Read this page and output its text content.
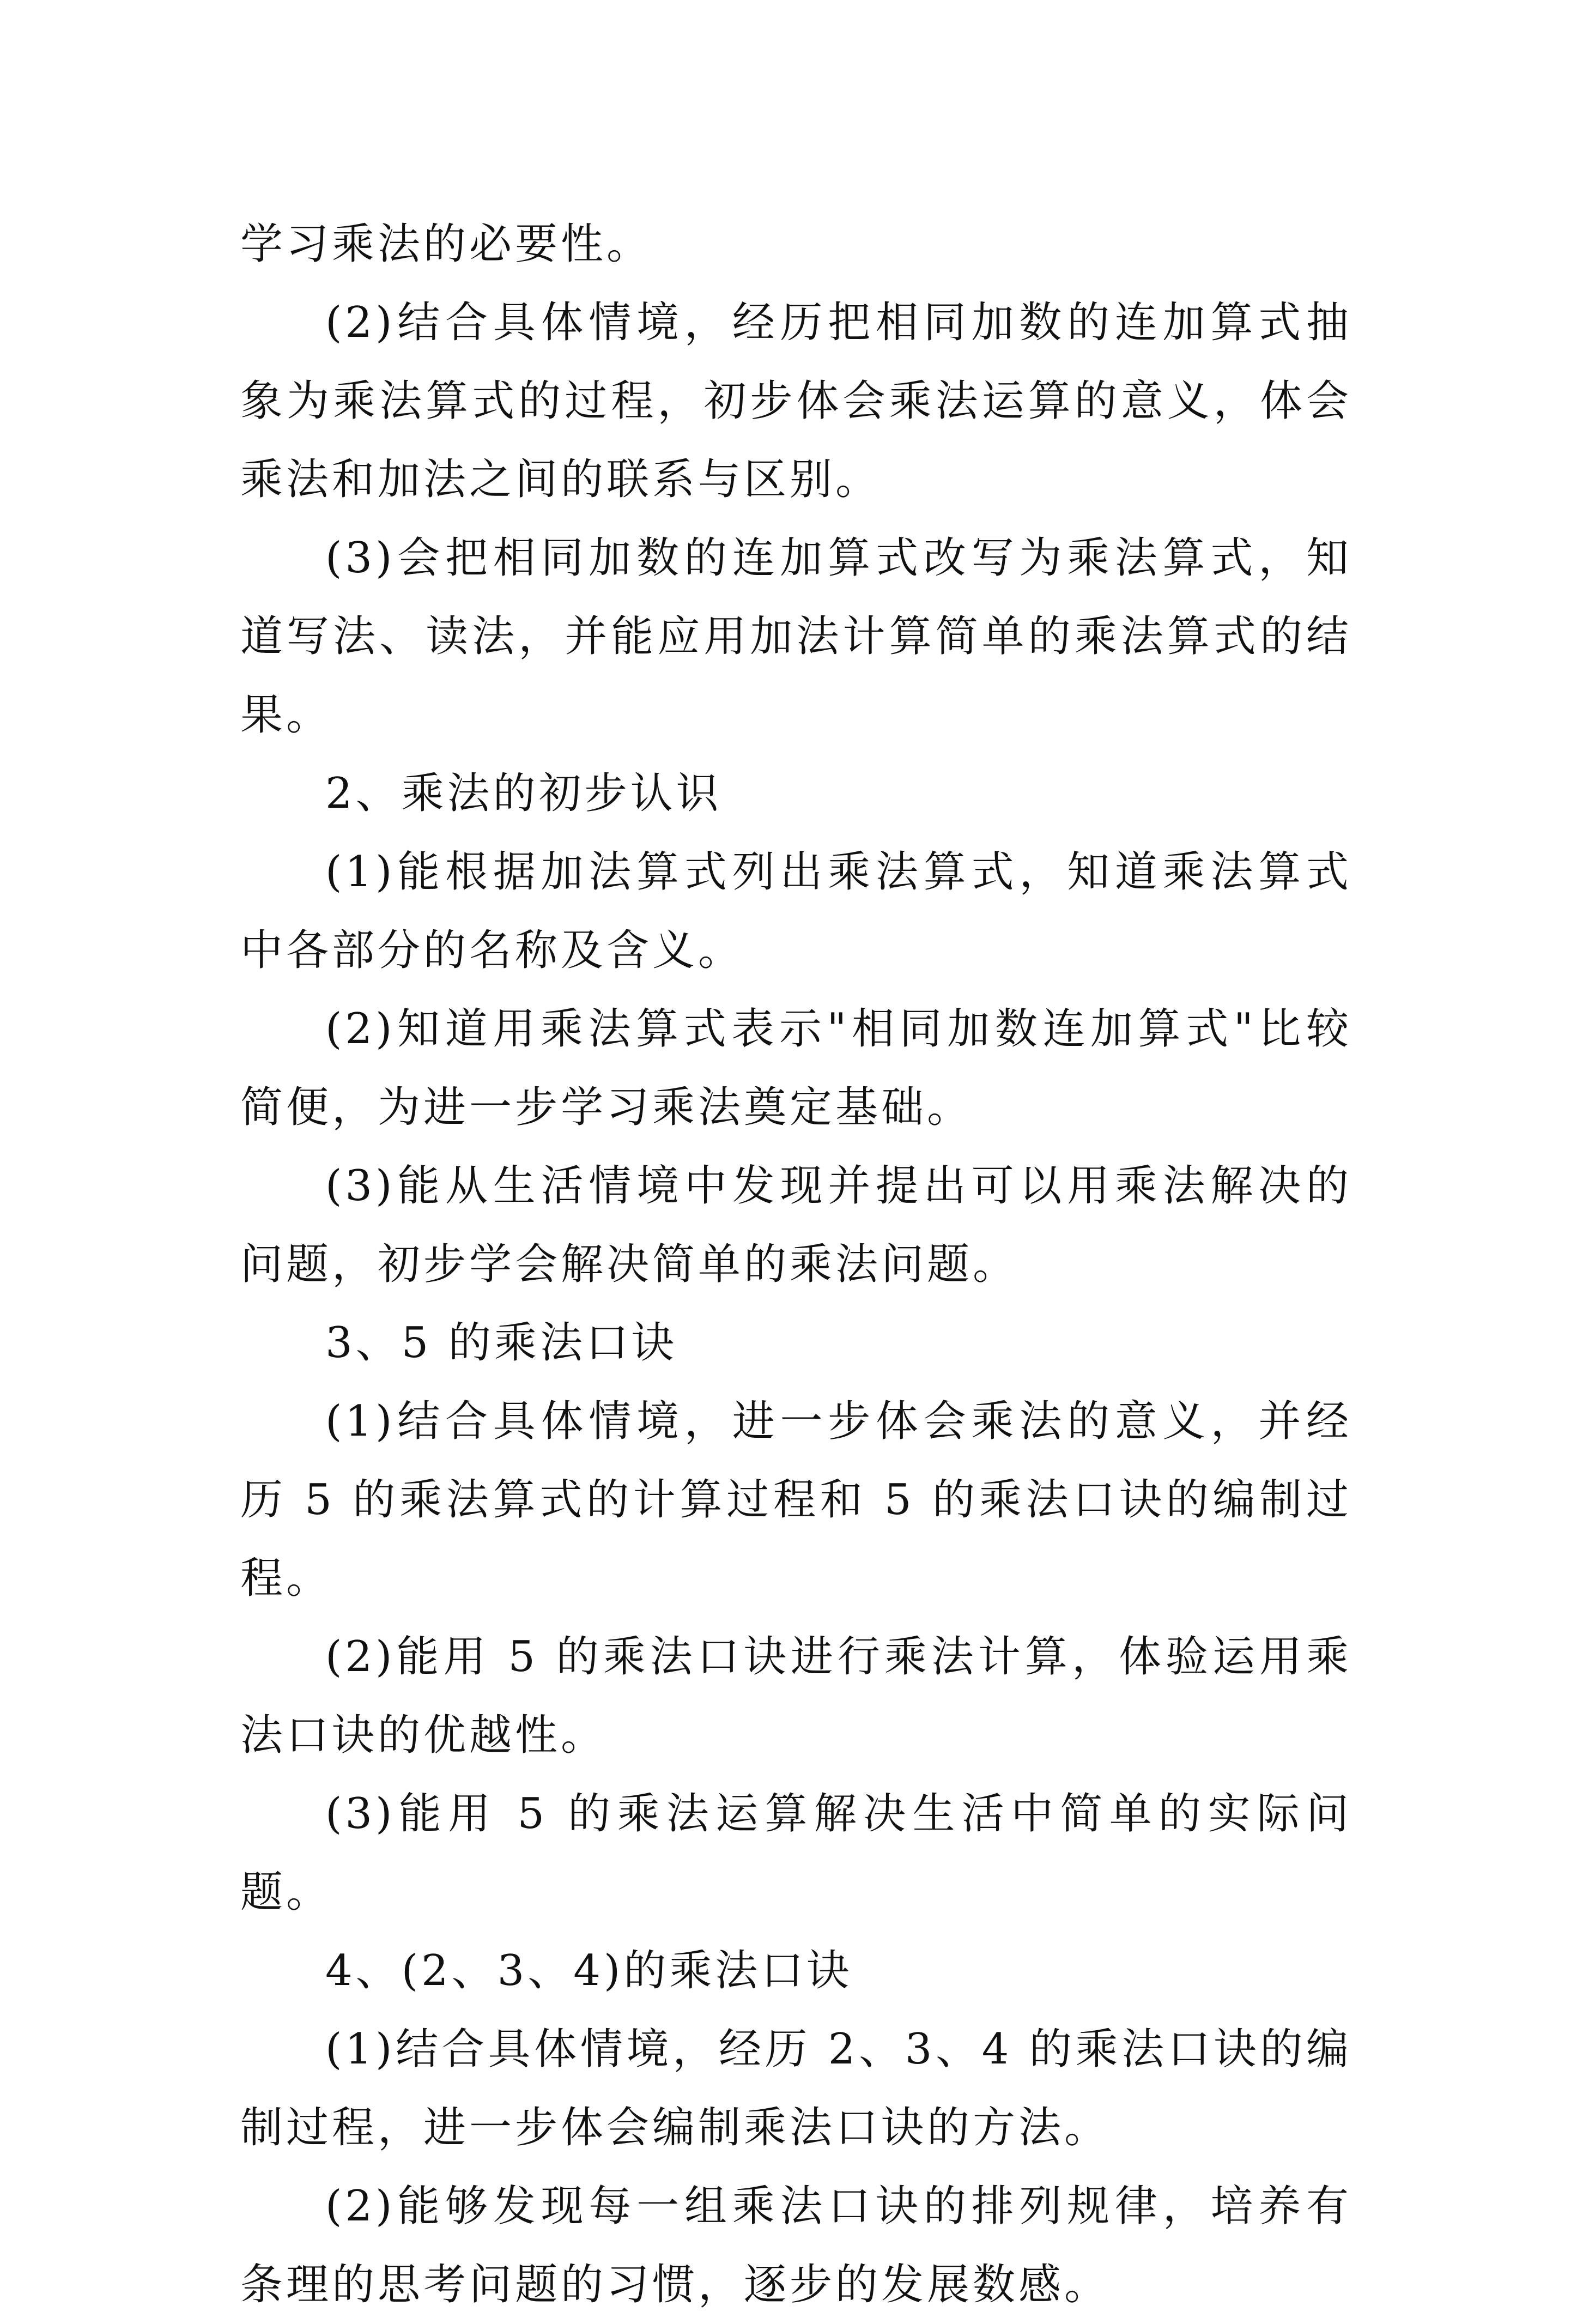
学习乘法的必要性。

(2)结合具体情境，经历把相同加数的连加算式抽象为乘法算式的过程，初步体会乘法运算的意义，体会乘法和加法之间的联系与区别。

(3)会把相同加数的连加算式改写为乘法算式，知道写法、读法，并能应用加法计算简单的乘法算式的结果。

2、乘法的初步认识

(1)能根据加法算式列出乘法算式，知道乘法算式中各部分的名称及含义。

(2)知道用乘法算式表示"相同加数连加算式"比较简便，为进一步学习乘法奠定基础。

(3)能从生活情境中发现并提出可以用乘法解决的问题，初步学会解决简单的乘法问题。

3、5 的乘法口诀

(1)结合具体情境，进一步体会乘法的意义，并经历 5 的乘法算式的计算过程和 5 的乘法口诀的编制过程。

(2)能用 5 的乘法口诀进行乘法计算，体验运用乘法口诀的优越性。

(3)能用 5 的乘法运算解决生活中简单的实际问题。

4、(2、3、4)的乘法口诀

(1)结合具体情境，经历 2、3、4 的乘法口诀的编制过程，进一步体会编制乘法口诀的方法。

(2)能够发现每一组乘法口诀的排列规律，培养有条理的思考问题的习惯，逐步的发展数感。
